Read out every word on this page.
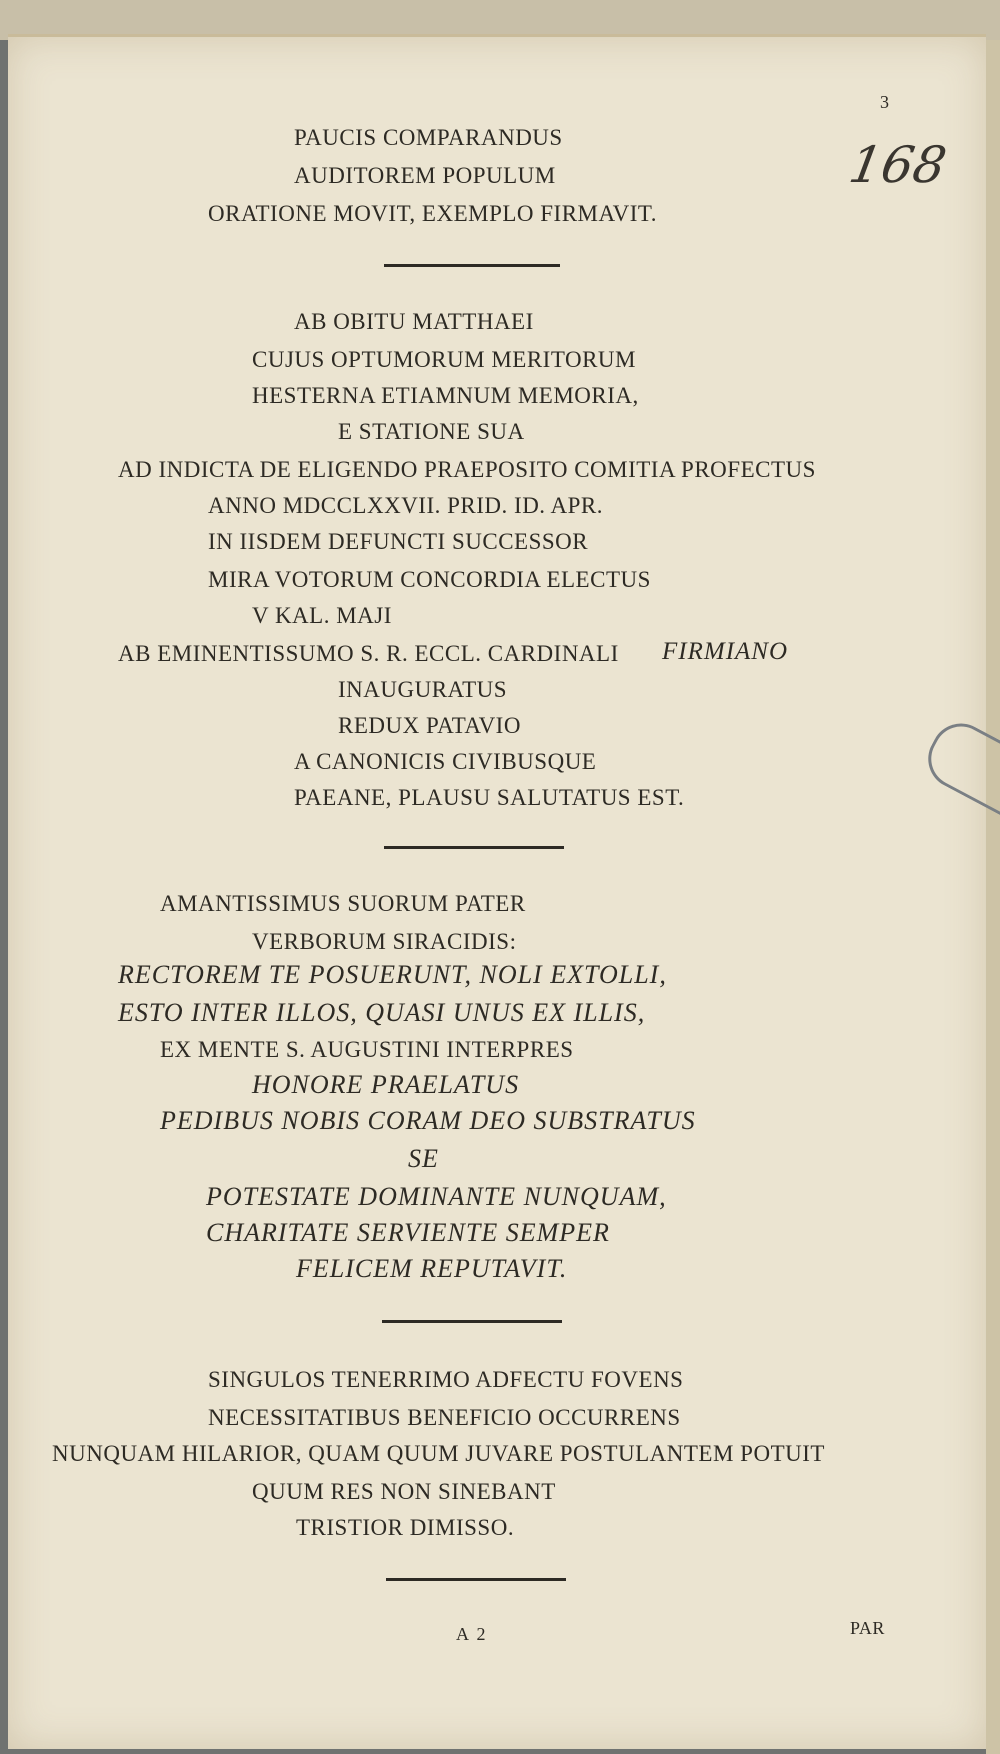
3
168
PAUCIS COMPARANDUS
AUDITOREM POPULUM
ORATIONE MOVIT, EXEMPLO FIRMAVIT.
AB OBITU MATTHAEI
CUJUS OPTUMORUM MERITORUM
HESTERNA ETIAMNUM MEMORIA,
E STATIONE SUA
AD INDICTA DE ELIGENDO PRAEPOSITO COMITIA PROFECTUS
ANNO MDCCLXXVII. PRID. ID. APR.
IN IISDEM DEFUNCTI SUCCESSOR
MIRA VOTORUM CONCORDIA ELECTUS
V KAL. MAJI
AB EMINENTISSUMO S. R. ECCL. CARDINALI FIRMIANO
INAUGURATUS
REDUX PATAVIO
A CANONICIS CIVIBUSQUE
PAEANE, PLAUSU SALUTATUS EST.
AMANTISSIMUS SUORUM PATER
VERBORUM SIRACIDIS:
RECTOREM TE POSUERUNT, NOLI EXTOLLI,
ESTO INTER ILLOS, QUASI UNUS EX ILLIS,
EX MENTE S. AUGUSTINI INTERPRES
HONORE PRAELATUS
PEDIBUS NOBIS CORAM DEO SUBSTRATUS
SE
POTESTATE DOMINANTE NUNQUAM,
CHARITATE SERVIENTE SEMPER
FELICEM REPUTAVIT.
SINGULOS TENERRIMO ADFECTU FOVENS
NECESSITATIBUS BENEFICIO OCCURRENS
NUNQUAM HILARIOR, QUAM QUUM JUVARE POSTULANTEM POTUIT
QUUM RES NON SINEBANT
TRISTIOR DIMISSO.
A 2	PAR
